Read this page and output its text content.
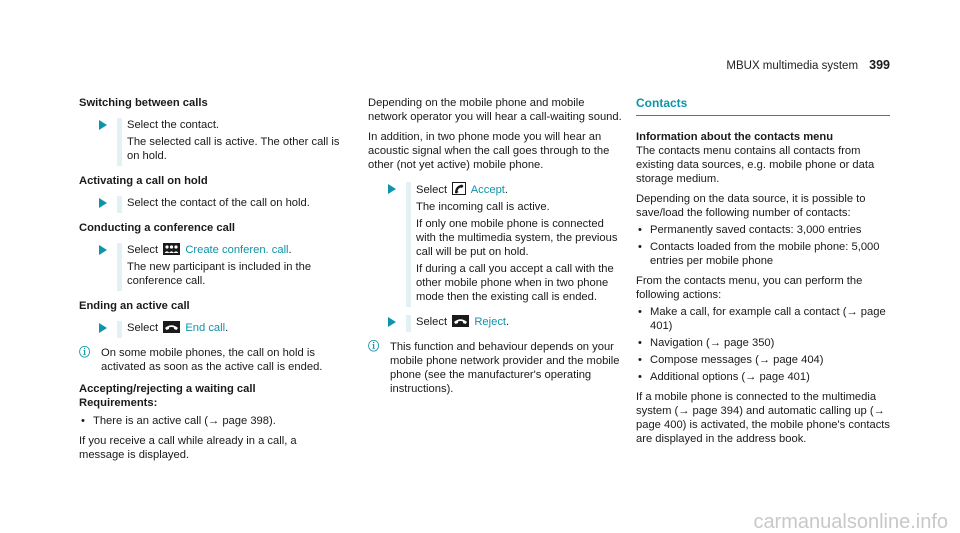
MBUX multimedia system 399
Switching between calls
Select the contact.
The selected call is active. The other call is on hold.
Activating a call on hold
Select the contact of the call on hold.
Conducting a conference call
Select Create conferen. call.
The new participant is included in the conference call.
Ending an active call
Select End call.
ⓘ On some mobile phones, the call on hold is activated as soon as the active call is ended.
Accepting/rejecting a waiting call
Requirements:
• There is an active call (→ page 398).
If you receive a call while already in a call, a message is displayed.
Depending on the mobile phone and mobile network operator you will hear a call-waiting sound.
In addition, in two phone mode you will hear an acoustic signal when the call goes through to the other (not yet active) mobile phone.
Select Accept.
The incoming call is active.
If only one mobile phone is connected with the multimedia system, the previous call will be put on hold.
If during a call you accept a call with the other mobile phone when in two phone mode then the existing call is ended.
Select Reject.
ⓘ This function and behaviour depends on your mobile phone network provider and the mobile phone (see the manufacturer's operating instructions).
Contacts
Information about the contacts menu
The contacts menu contains all contacts from existing data sources, e.g. mobile phone or data storage medium.
Depending on the data source, it is possible to save/load the following number of contacts:
• Permanently saved contacts: 3,000 entries
• Contacts loaded from the mobile phone: 5,000 entries per mobile phone
From the contacts menu, you can perform the following actions:
• Make a call, for example call a contact (→ page 401)
• Navigation (→ page 350)
• Compose messages (→ page 404)
• Additional options (→ page 401)
If a mobile phone is connected to the multimedia system (→ page 394) and automatic calling up (→ page 400) is activated, the mobile phone's contacts are displayed in the address book.
carmanualsonline.info
